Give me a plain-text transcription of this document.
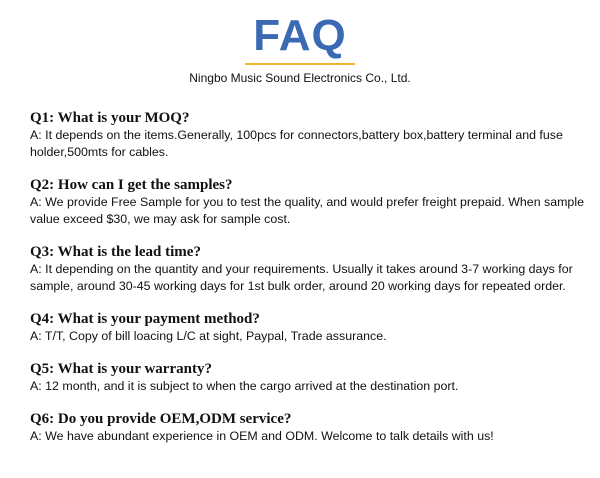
FAQ
Ningbo Music Sound Electronics Co., Ltd.

Q1: What is your MOQ?

A: It depends on the items.Generally, 100pcs for connectors,battery box,battery terminal and fuse holder,500mts for cables.

Q2: How can I get the samples?

A: We provide Free Sample for you to test the quality, and would prefer freight prepaid. When sample value exceed $30, we may ask for sample cost.

Q3: What is the lead time?

A: It depending on the quantity and your requirements. Usually it takes around 3-7 working days for sample, around 30-45 working days for 1st bulk order, around 20 working days for repeated order.

Q4: What is your payment method?

A: T/T, Copy of bill loacing L/C at sight, Paypal, Trade assurance.

Q5: What is your warranty?

A: 12 month, and it is subject to when the cargo arrived at the destination port.

Q6: Do you provide OEM,ODM service?

A: We have abundant experience in OEM and ODM. Welcome to talk details with us!
